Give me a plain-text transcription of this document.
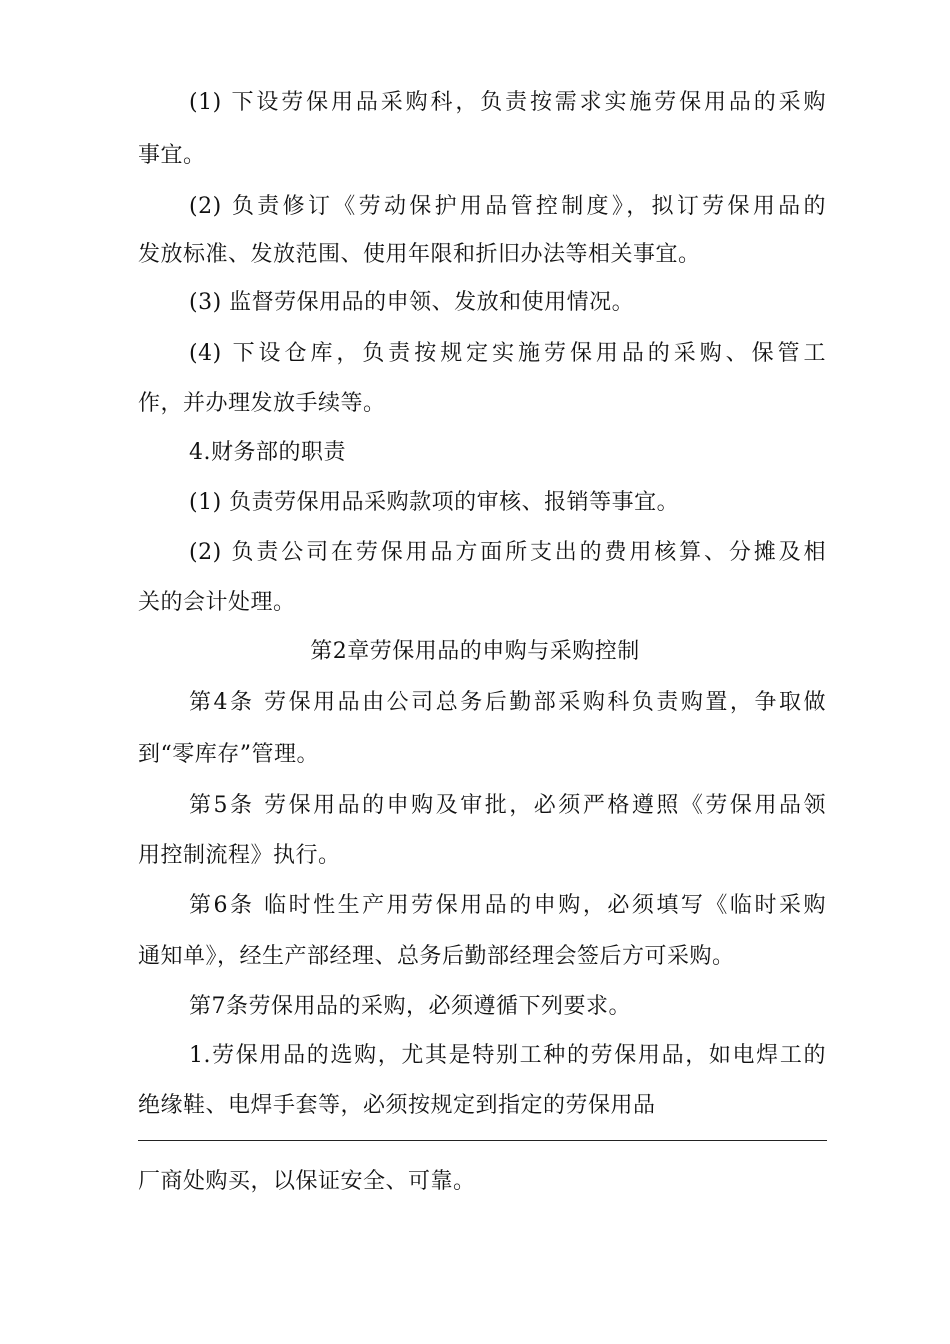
(1) 下设劳保用品采购科，负责按需求实施劳保用品的采购
事宜。
(2) 负责修订《劳动保护用品管控制度》，拟订劳保用品的
发放标准、发放范围、使用年限和折旧办法等相关事宜。
(3) 监督劳保用品的申领、发放和使用情况。
(4) 下设仓库，负责按规定实施劳保用品的采购、保管工
作，并办理发放手续等。
4.财务部的职责
(1) 负责劳保用品采购款项的审核、报销等事宜。
(2) 负责公司在劳保用品方面所支出的费用核算、分摊及相
关的会计处理。
第2章劳保用品的申购与采购控制
第4条 劳保用品由公司总务后勤部采购科负责购置，争取做
到“零库存”管理。
第5条 劳保用品的申购及审批，必须严格遵照《劳保用品领
用控制流程》执行。
第6条 临时性生产用劳保用品的申购，必须填写《临时采购
通知单》，经生产部经理、总务后勤部经理会签后方可采购。
第7条劳保用品的采购，必须遵循下列要求。
1.劳保用品的选购，尤其是特别工种的劳保用品，如电焊工的
绝缘鞋、电焊手套等，必须按规定到指定的劳保用品
厂商处购买，以保证安全、可靠。
